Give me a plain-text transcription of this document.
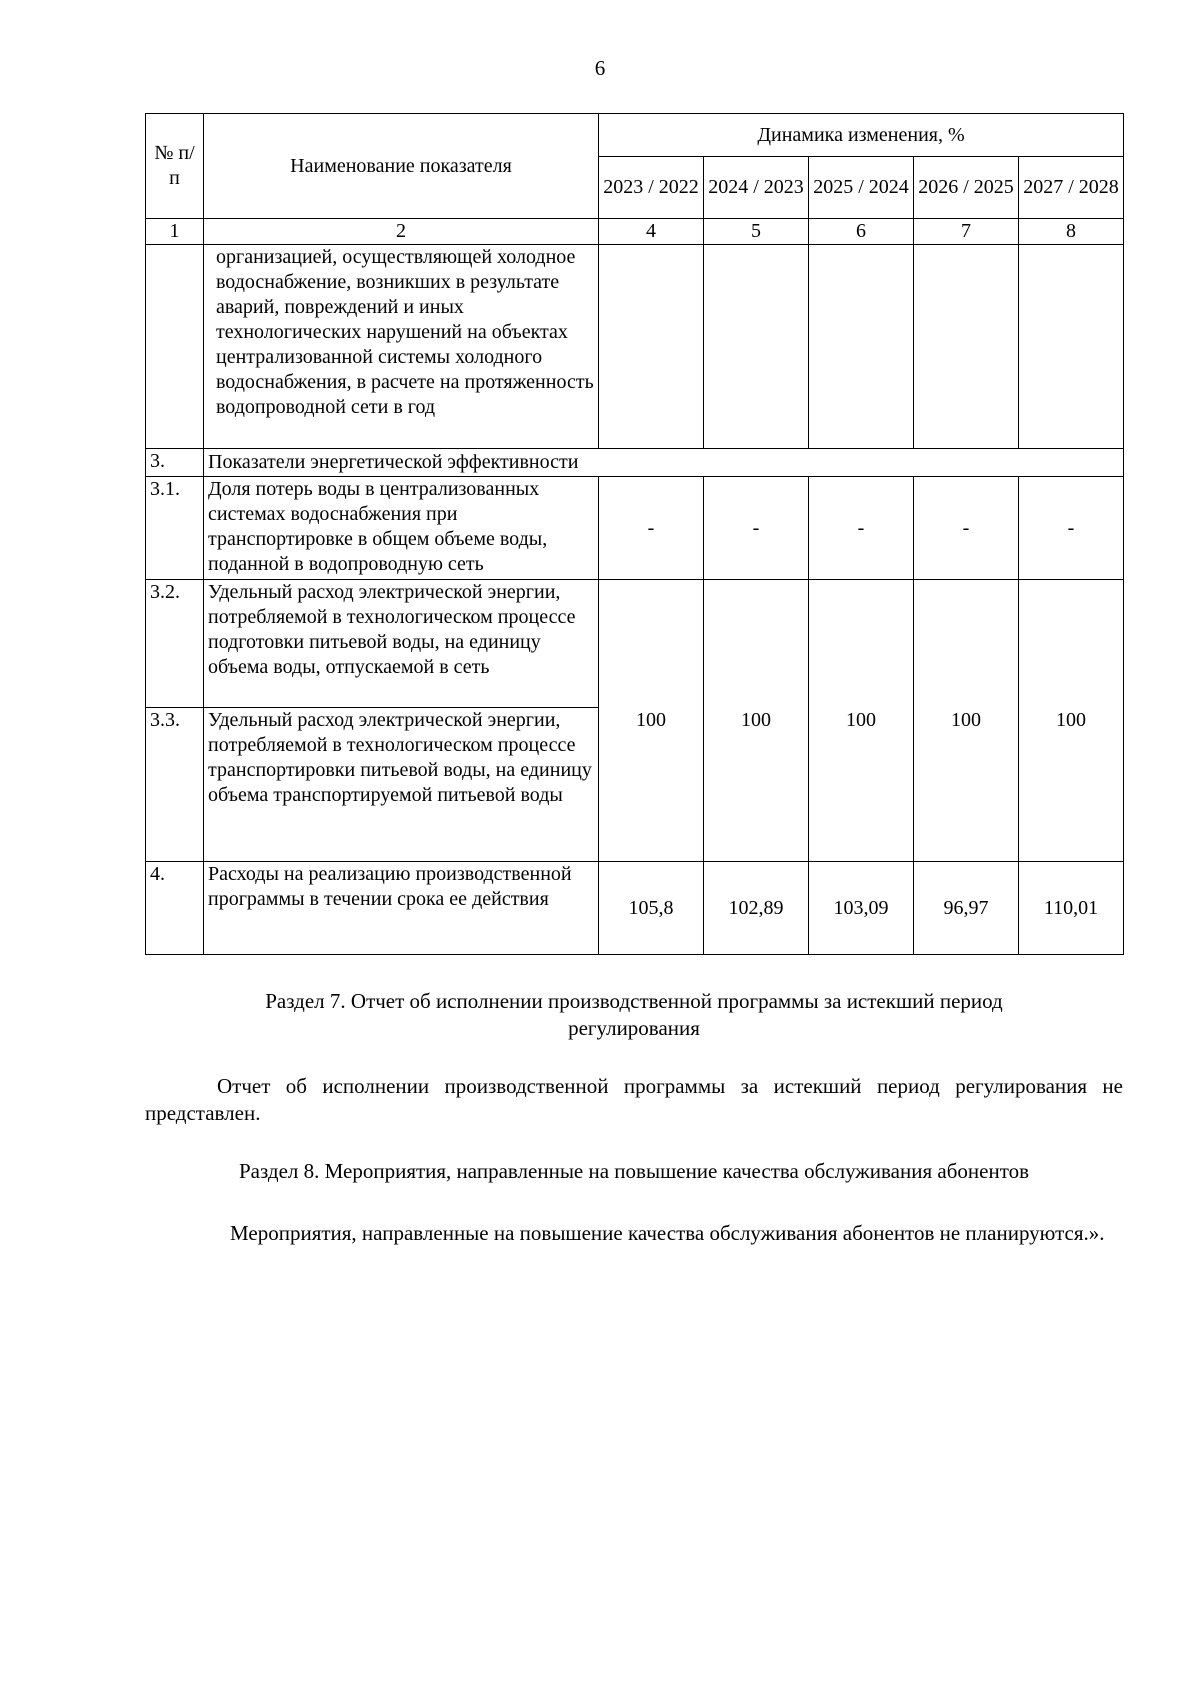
6
№ п/п	Наименование показателя	Динамика изменения, %				
		2023 / 2022	2024 / 2023	2025 / 2024	2026 / 2025	2027 / 2028
1	2	4	5	6	7	8
	организацией, осуществляющей холодное водоснабжение, возникших в результате аварий, повреждений и иных технологических нарушений на объектах централизованной системы холодного водоснабжения, в расчете на протяженность водопроводной сети в год					
3.	Показатели энергетической эффективности					
3.1.	Доля потерь воды в централизованных системах водоснабжения при транспортировке в общем объеме воды, поданной в водопроводную сеть	-	-	-	-	-
3.2.	Удельный расход электрической энергии, потребляемой в технологическом процессе подготовки питьевой воды, на единицу объема воды, отпускаемой в сеть	100	100	100	100	100
3.3.	Удельный расход электрической энергии, потребляемой в технологическом процессе транспортировки питьевой воды, на единицу объема транспортируемой питьевой воды					
4.	Расходы на реализацию производственной программы в течении срока ее действия	105,8	102,89	103,09	96,97	110,01
Раздел 7. Отчет об исполнении производственной программы за истекший период регулирования
Отчет об исполнении производственной программы за истекший период регулирования не представлен.
Раздел 8. Мероприятия, направленные на повышение качества обслуживания абонентов
Мероприятия, направленные на повышение качества обслуживания абонентов не планируются.».
